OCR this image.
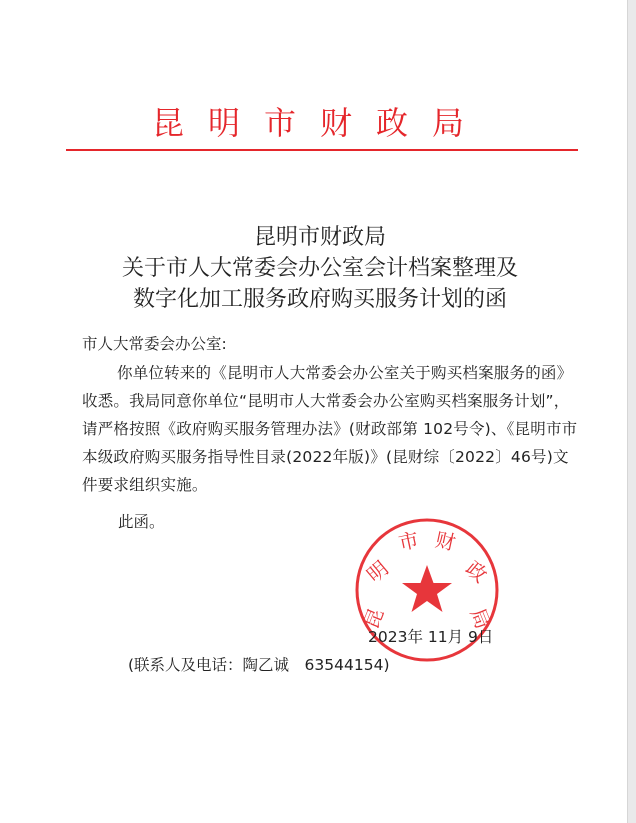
昆明市财政局
昆明市财政局
关于市人大常委会办公室会计档案整理及
数字化加工服务政府购买服务计划的函
市人大常委会办公室:
你单位转来的《昆明市人大常委会办公室关于购买档案服务的函》收悉。我局同意你单位“昆明市人大常委会办公室购买档案服务计划”，请严格按照《政府购买服务管理办法》(财政部第 102号令)、《昆明市市本级政府购买服务指导性目录(2022年版)》(昆财综〔2022〕46号)文件要求组织实施。
此函。
昆
明
市 财
政
局
2023年 11月 9日
(联系人及电话：陶乙诚　63544154)
